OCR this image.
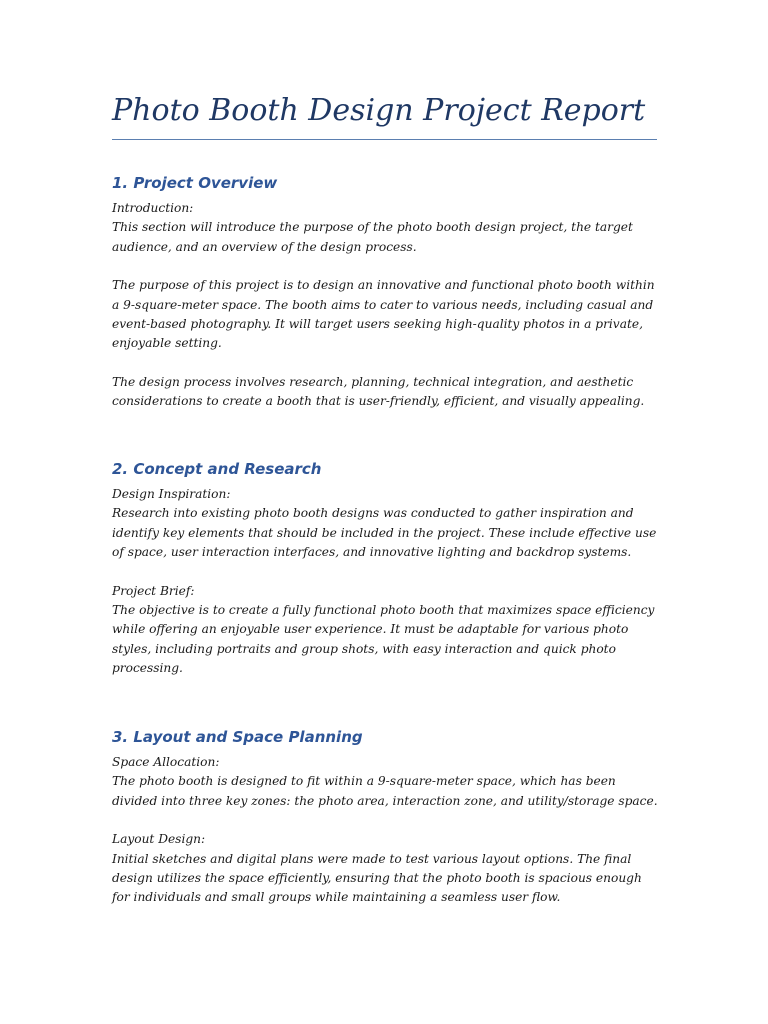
Photo Booth Design Project Report
1. Project Overview

Introduction:

This section will introduce the purpose of the photo booth design project, the target audience, and an overview of the design process.

The purpose of this project is to design an innovative and functional photo booth within a 9-square-meter space. The booth aims to cater to various needs, including casual and event-based photography. It will target users seeking high-quality photos in a private, enjoyable setting.

The design process involves research, planning, technical integration, and aesthetic considerations to create a booth that is user-friendly, efficient, and visually appealing.

2. Concept and Research

Design Inspiration:

Research into existing photo booth designs was conducted to gather inspiration and identify key elements that should be included in the project. These include effective use of space, user interaction interfaces, and innovative lighting and backdrop systems.

Project Brief:

The objective is to create a fully functional photo booth that maximizes space efficiency while offering an enjoyable user experience. It must be adaptable for various photo styles, including portraits and group shots, with easy interaction and quick photo processing.

3. Layout and Space Planning

Space Allocation:

The photo booth is designed to fit within a 9-square-meter space, which has been divided into three key zones: the photo area, interaction zone, and utility/storage space.

Layout Design:

Initial sketches and digital plans were made to test various layout options. The final design utilizes the space efficiently, ensuring that the photo booth is spacious enough for individuals and small groups while maintaining a seamless user flow.
